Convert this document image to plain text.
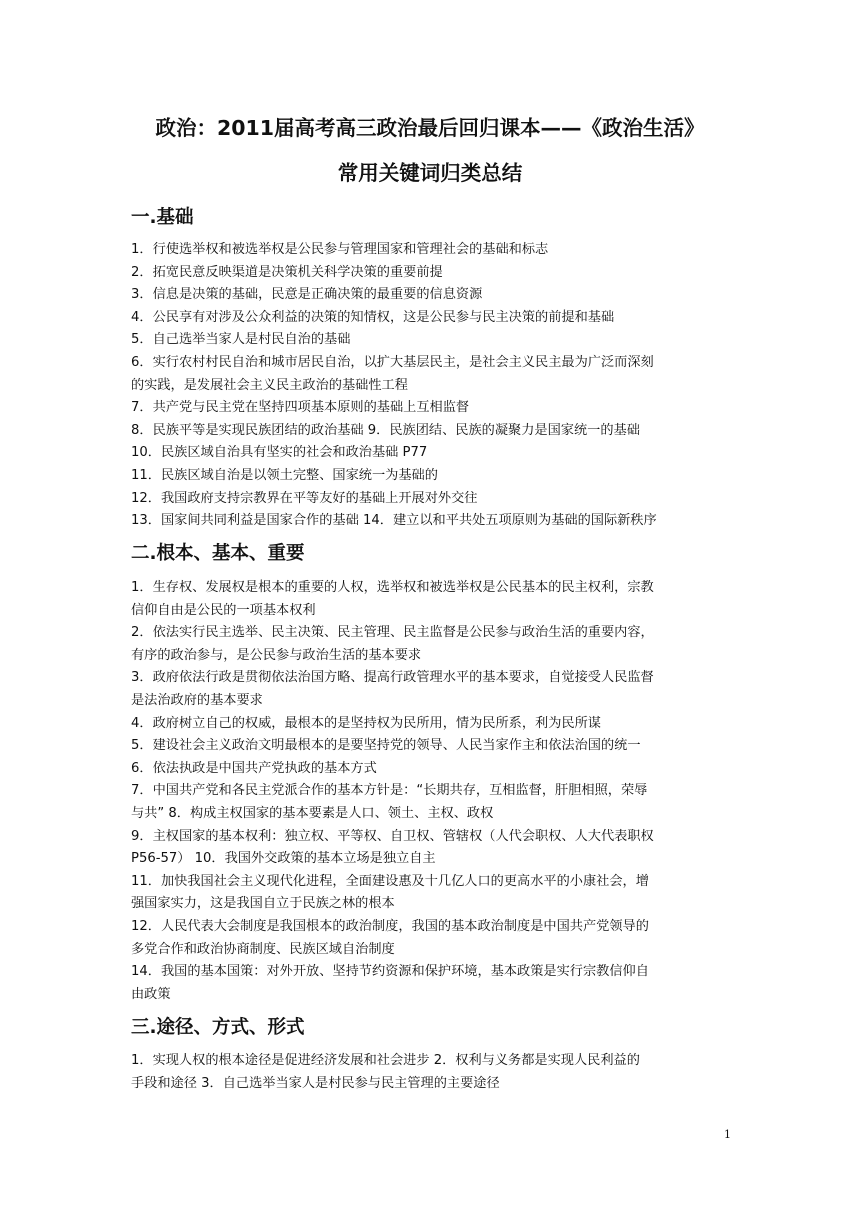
政治：2011届高考高三政治最后回归课本——《政治生活》
常用关键词归类总结
一.基础
1．行使选举权和被选举权是公民参与管理国家和管理社会的基础和标志
2．拓宽民意反映渠道是决策机关科学决策的重要前提
3．信息是决策的基础，民意是正确决策的最重要的信息资源
4．公民享有对涉及公众利益的决策的知情权，这是公民参与民主决策的前提和基础
5．自己选举当家人是村民自治的基础
6．实行农村村民自治和城市居民自治，以扩大基层民主，是社会主义民主最为广泛而深刻
的实践，是发展社会主义民主政治的基础性工程
7．共产党与民主党在坚持四项基本原则的基础上互相监督
8．民族平等是实现民族团结的政治基础 9．民族团结、民族的凝聚力是国家统一的基础
10．民族区域自治具有坚实的社会和政治基础 P77
11．民族区域自治是以领土完整、国家统一为基础的
12．我国政府支持宗教界在平等友好的基础上开展对外交往
13．国家间共同利益是国家合作的基础 14．建立以和平共处五项原则为基础的国际新秩序
二.根本、基本、重要
1．生存权、发展权是根本的重要的人权，选举权和被选举权是公民基本的民主权利，宗教
信仰自由是公民的一项基本权利
2．依法实行民主选举、民主决策、民主管理、民主监督是公民参与政治生活的重要内容，
有序的政治参与，是公民参与政治生活的基本要求
3．政府依法行政是贯彻依法治国方略、提高行政管理水平的基本要求，自觉接受人民监督
是法治政府的基本要求
4．政府树立自己的权威，最根本的是坚持权为民所用，情为民所系，利为民所谋
5．建设社会主义政治文明最根本的是要坚持党的领导、人民当家作主和依法治国的统一
6．依法执政是中国共产党执政的基本方式
7．中国共产党和各民主党派合作的基本方针是：“长期共存，互相监督，肝胆相照，荣辱
与共” 8．构成主权国家的基本要素是人口、领土、主权、政权
9．主权国家的基本权利：独立权、平等权、自卫权、管辖权（人代会职权、人大代表职权
P56-57） 10．我国外交政策的基本立场是独立自主
11．加快我国社会主义现代化进程，全面建设惠及十几亿人口的更高水平的小康社会，增
强国家实力，这是我国自立于民族之林的根本
12．人民代表大会制度是我国根本的政治制度，我国的基本政治制度是中国共产党领导的
多党合作和政治协商制度、民族区域自治制度
14．我国的基本国策：对外开放、坚持节约资源和保护环境，基本政策是实行宗教信仰自
由政策
三.途径、方式、形式
1．实现人权的根本途径是促进经济发展和社会进步 2．权利与义务都是实现人民利益的
手段和途径 3．自己选举当家人是村民参与民主管理的主要途径
1
